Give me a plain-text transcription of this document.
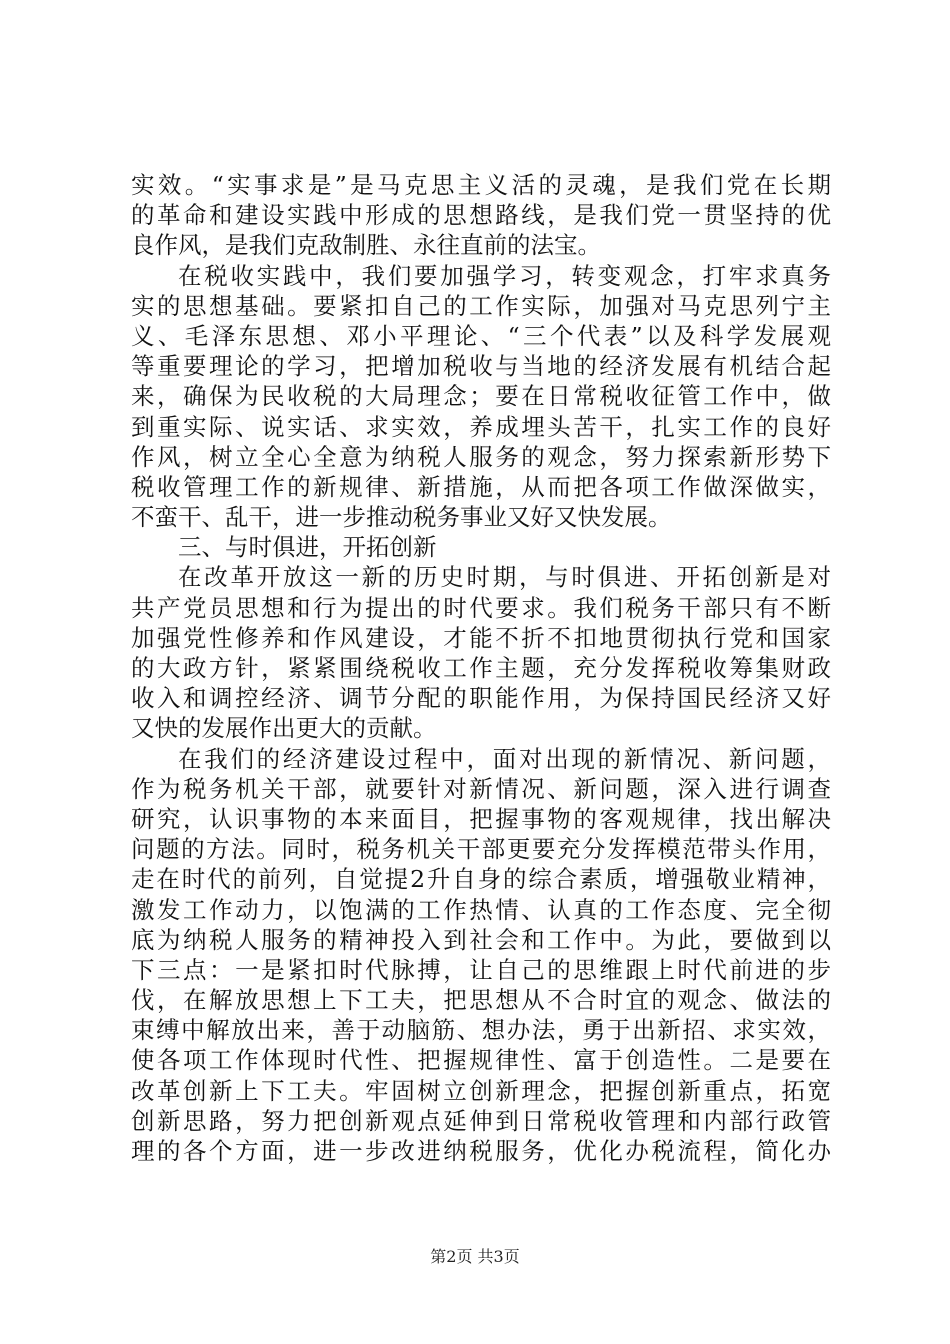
实效。“实事求是”是马克思主义活的灵魂，是我们党在长期
的革命和建设实践中形成的思想路线，是我们党一贯坚持的优
良作风，是我们克敌制胜、永往直前的法宝。
在税收实践中，我们要加强学习，转变观念，打牢求真务
实的思想基础。要紧扣自己的工作实际，加强对马克思列宁主
义、毛泽东思想、邓小平理论、“三个代表”以及科学发展观
等重要理论的学习，把增加税收与当地的经济发展有机结合起
来，确保为民收税的大局理念；要在日常税收征管工作中，做
到重实际、说实话、求实效，养成埋头苦干，扎实工作的良好
作风，树立全心全意为纳税人服务的观念，努力探索新形势下
税收管理工作的新规律、新措施，从而把各项工作做深做实，
不蛮干、乱干，进一步推动税务事业又好又快发展。
三、与时俱进，开拓创新
在改革开放这一新的历史时期，与时俱进、开拓创新是对
共产党员思想和行为提出的时代要求。我们税务干部只有不断
加强党性修养和作风建设，才能不折不扣地贯彻执行党和国家
的大政方针，紧紧围绕税收工作主题，充分发挥税收筹集财政
收入和调控经济、调节分配的职能作用，为保持国民经济又好
又快的发展作出更大的贡献。
在我们的经济建设过程中，面对出现的新情况、新问题，
作为税务机关干部，就要针对新情况、新问题，深入进行调查
研究，认识事物的本来面目，把握事物的客观规律，找出解决
问题的方法。同时，税务机关干部更要充分发挥模范带头作用，
走在时代的前列，自觉提2升自身的综合素质，增强敬业精神，
激发工作动力，以饱满的工作热情、认真的工作态度、完全彻
底为纳税人服务的精神投入到社会和工作中。为此，要做到以
下三点：一是紧扣时代脉搏，让自己的思维跟上时代前进的步
伐，在解放思想上下工夫，把思想从不合时宜的观念、做法的
束缚中解放出来，善于动脑筋、想办法，勇于出新招、求实效，
使各项工作体现时代性、把握规律性、富于创造性。二是要在
改革创新上下工夫。牢固树立创新理念，把握创新重点，拓宽
创新思路，努力把创新观点延伸到日常税收管理和内部行政管
理的各个方面，进一步改进纳税服务，优化办税流程，简化办
第2页 共3页
